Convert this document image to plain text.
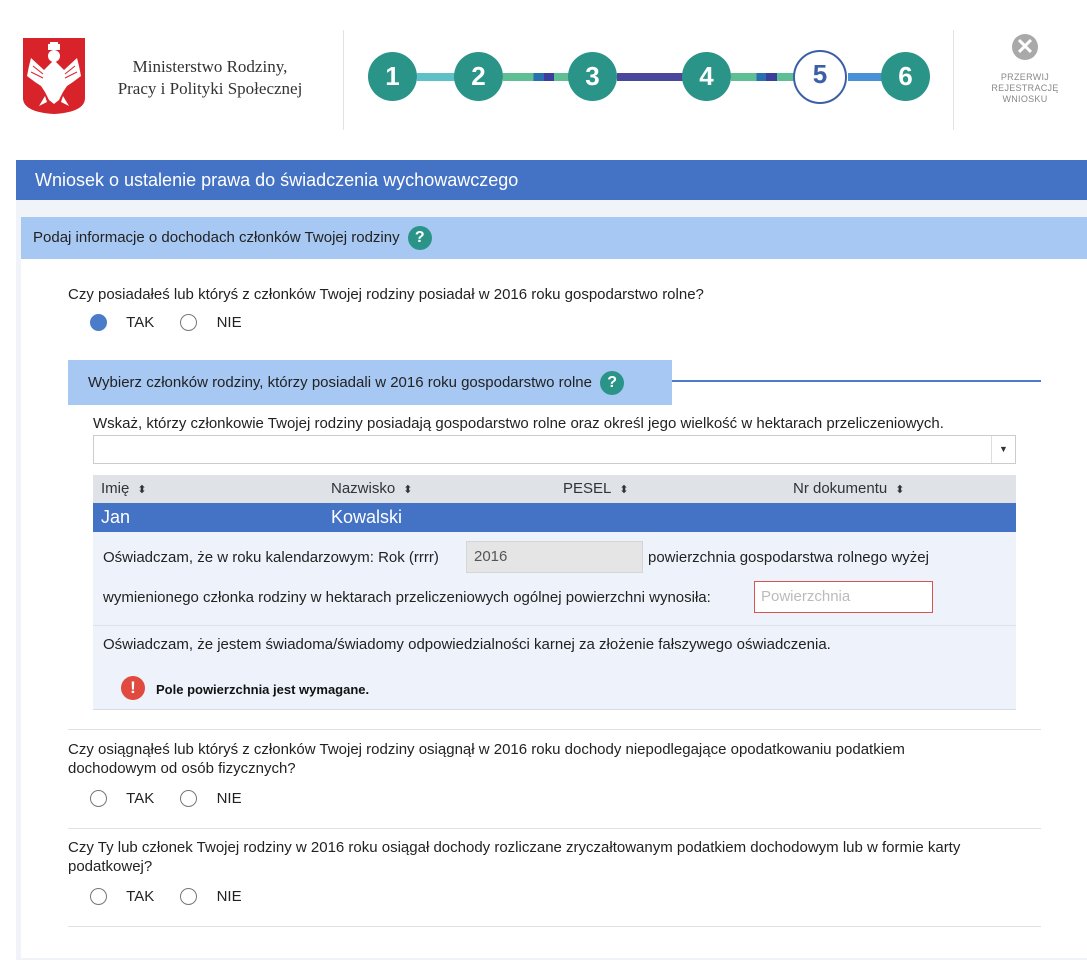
Ministerstwo Rodziny,
Pracy i Polityki Społecznej	1	2	3	4	5	6
✕
PRZERWIJ
REJESTRACJĘ
WNIOSKU
Wniosek o ustalenie prawa do świadczenia wychowawczego
Podaj informacje o dochodach członków Twojej rodziny ?
Czy posiadałeś lub któryś z członków Twojej rodziny posiadał w 2016 roku gospodarstwo rolne?
TAK	NIE
Wybierz członków rodziny, którzy posiadali w 2016 roku gospodarstwo rolne ?
Wskaż, którzy członkowie Twojej rodziny posiadają gospodarstwo rolne oraz określ jego wielkość w hektarach przeliczeniowych.
▼
Imię ⬍	Nazwisko ⬍	PESEL ⬍	Nr dokumentu ⬍
Jan	Kowalski
Oświadczam, że w roku kalendarzowym: Rok (rrrr)	2016	powierzchnia gospodarstwa rolnego wyżej
wymienionego członka rodziny w hektarach przeliczeniowych ogólnej powierzchni wynosiła:	Powierzchnia
Oświadczam, że jestem świadoma/świadomy odpowiedzialności karnej za złożenie fałszywego oświadczenia.
!	Pole powierzchnia jest wymagane.
Czy osiągnąłeś lub któryś z członków Twojej rodziny osiągnął w 2016 roku dochody niepodlegające opodatkowaniu podatkiem
dochodowym od osób fizycznych?
TAK	NIE
Czy Ty lub członek Twojej rodziny w 2016 roku osiągał dochody rozliczane zryczałtowanym podatkiem dochodowym lub w formie karty
podatkowej?
TAK	NIE
